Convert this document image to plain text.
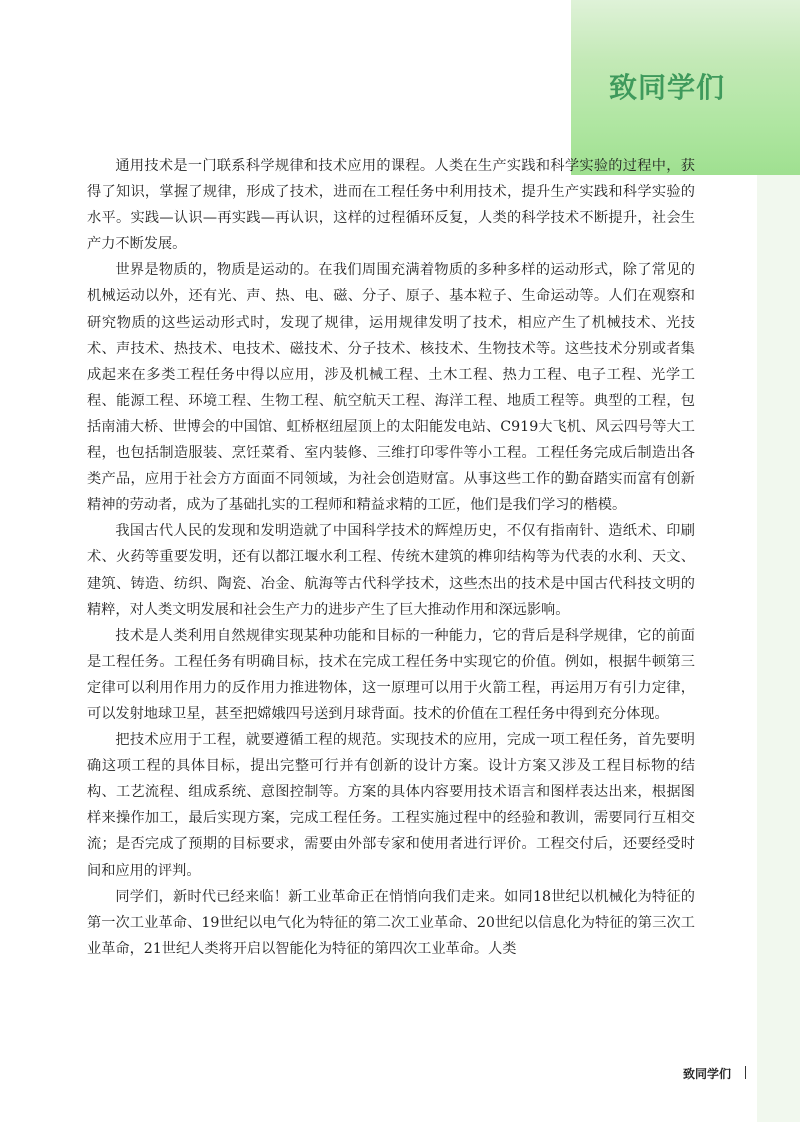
致同学们

通用技术是一门联系科学规律和技术应用的课程。人类在生产实践和科学实验的过程中，获得了知识，掌握了规律，形成了技术，进而在工程任务中利用技术，提升生产实践和科学实验的水平。实践—认识—再实践—再认识，这样的过程循环反复，人类的科学技术不断提升，社会生产力不断发展。

世界是物质的，物质是运动的。在我们周围充满着物质的多种多样的运动形式，除了常见的机械运动以外，还有光、声、热、电、磁、分子、原子、基本粒子、生命运动等。人们在观察和研究物质的这些运动形式时，发现了规律，运用规律发明了技术，相应产生了机械技术、光技术、声技术、热技术、电技术、磁技术、分子技术、核技术、生物技术等。这些技术分别或者集成起来在多类工程任务中得以应用，涉及机械工程、土木工程、热力工程、电子工程、光学工程、能源工程、环境工程、生物工程、航空航天工程、海洋工程、地质工程等。典型的工程，包括南浦大桥、世博会的中国馆、虹桥枢纽屋顶上的太阳能发电站、C919大飞机、风云四号等大工程，也包括制造服装、烹饪菜肴、室内装修、三维打印零件等小工程。工程任务完成后制造出各类产品，应用于社会方方面面不同领域，为社会创造财富。从事这些工作的勤奋踏实而富有创新精神的劳动者，成为了基础扎实的工程师和精益求精的工匠，他们是我们学习的楷模。

我国古代人民的发现和发明造就了中国科学技术的辉煌历史，不仅有指南针、造纸术、印刷术、火药等重要发明，还有以都江堰水利工程、传统木建筑的榫卯结构等为代表的水利、天文、建筑、铸造、纺织、陶瓷、冶金、航海等古代科学技术，这些杰出的技术是中国古代科技文明的精粹，对人类文明发展和社会生产力的进步产生了巨大推动作用和深远影响。

技术是人类利用自然规律实现某种功能和目标的一种能力，它的背后是科学规律，它的前面是工程任务。工程任务有明确目标，技术在完成工程任务中实现它的价值。例如，根据牛顿第三定律可以利用作用力的反作用力推进物体，这一原理可以用于火箭工程，再运用万有引力定律，可以发射地球卫星，甚至把嫦娥四号送到月球背面。技术的价值在工程任务中得到充分体现。

把技术应用于工程，就要遵循工程的规范。实现技术的应用，完成一项工程任务，首先要明确这项工程的具体目标，提出完整可行并有创新的设计方案。设计方案又涉及工程目标物的结构、工艺流程、组成系统、意图控制等。方案的具体内容要用技术语言和图样表达出来，根据图样来操作加工，最后实现方案，完成工程任务。工程实施过程中的经验和教训，需要同行互相交流；是否完成了预期的目标要求，需要由外部专家和使用者进行评价。工程交付后，还要经受时间和应用的评判。

同学们，新时代已经来临！新工业革命正在悄悄向我们走来。如同18世纪以机械化为特征的第一次工业革命、19世纪以电气化为特征的第二次工业革命、20世纪以信息化为特征的第三次工业革命，21世纪人类将开启以智能化为特征的第四次工业革命。人类

致同学们
